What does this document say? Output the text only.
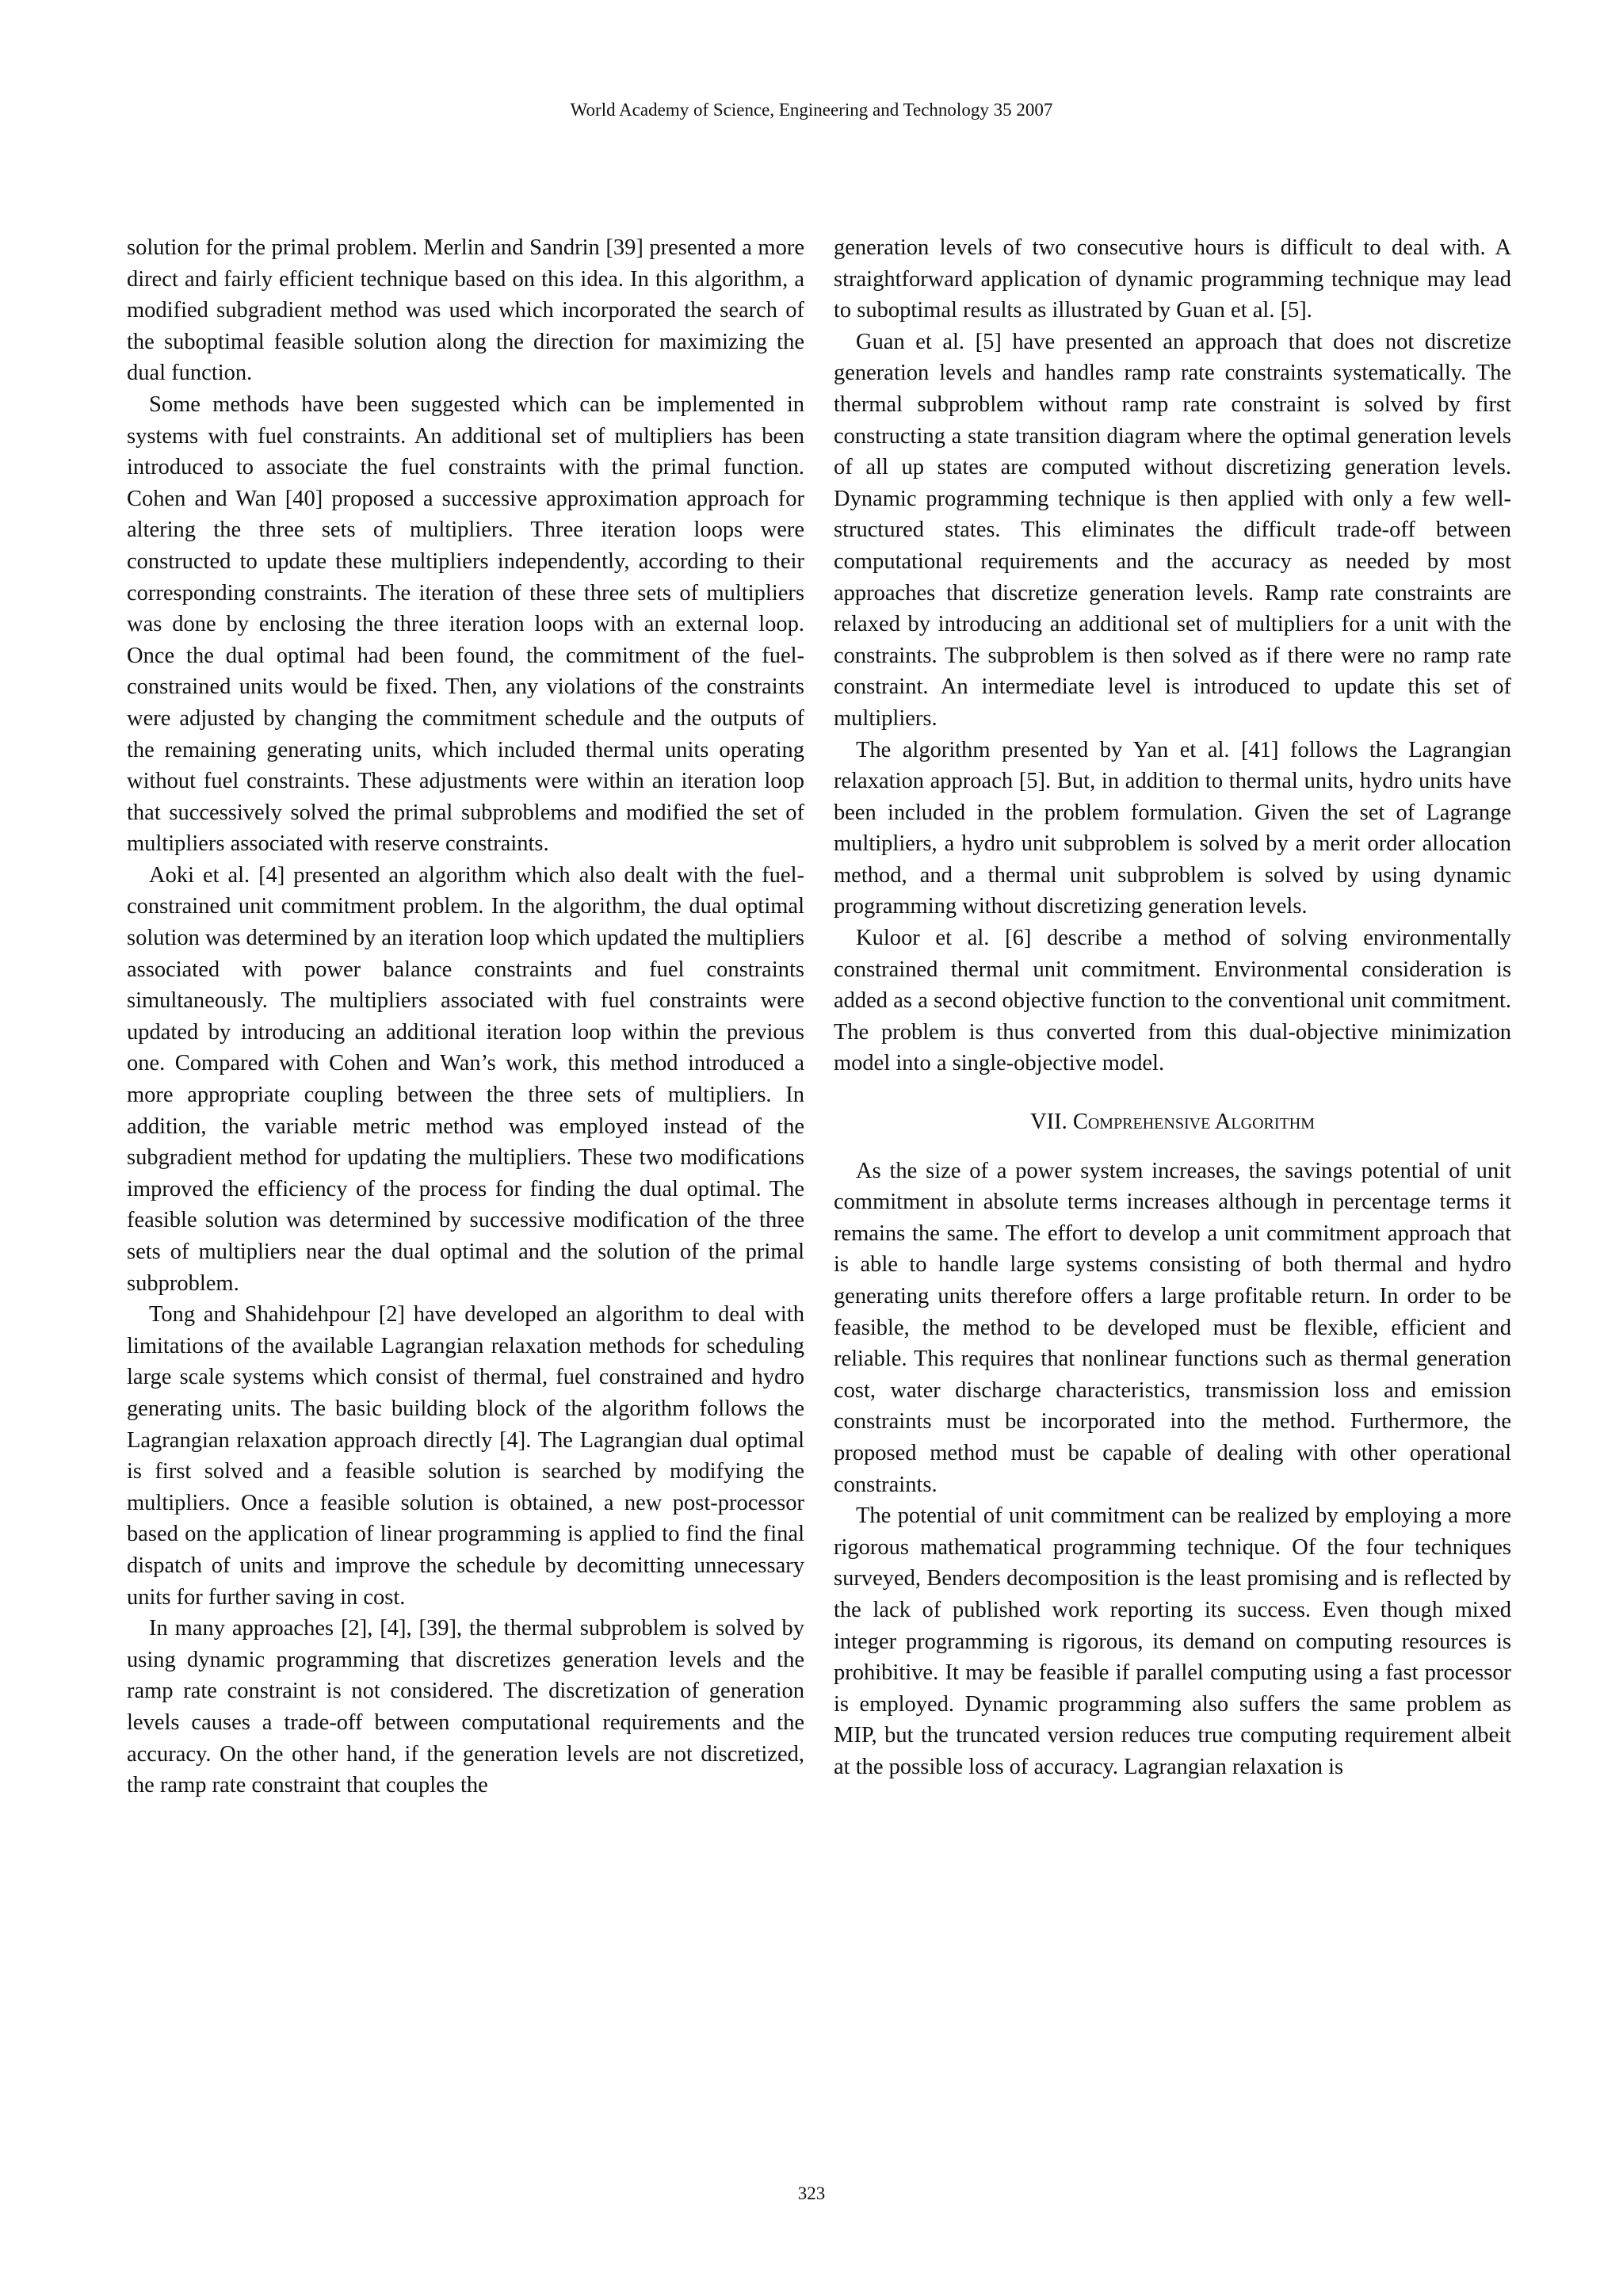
World Academy of Science, Engineering and Technology 35 2007

solution for the primal problem. Merlin and Sandrin [39] presented a more direct and fairly efficient technique based on this idea. In this algorithm, a modified subgradient method was used which incorporated the search of the suboptimal feasible solution along the direction for maximizing the dual function.

Some methods have been suggested which can be implemented in systems with fuel constraints. An additional set of multipliers has been introduced to associate the fuel constraints with the primal function. Cohen and Wan [40] proposed a successive approximation approach for altering the three sets of multipliers. Three iteration loops were constructed to update these multipliers independently, according to their corresponding constraints. The iteration of these three sets of multipliers was done by enclosing the three iteration loops with an external loop. Once the dual optimal had been found, the commitment of the fuel-constrained units would be fixed. Then, any violations of the constraints were adjusted by changing the commitment schedule and the outputs of the remaining generating units, which included thermal units operating without fuel constraints. These adjustments were within an iteration loop that successively solved the primal subproblems and modified the set of multipliers associated with reserve constraints.

Aoki et al. [4] presented an algorithm which also dealt with the fuel-constrained unit commitment problem. In the algorithm, the dual optimal solution was determined by an iteration loop which updated the multipliers associated with power balance constraints and fuel constraints simultaneously. The multipliers associated with fuel constraints were updated by introducing an additional iteration loop within the previous one. Compared with Cohen and Wan’s work, this method introduced a more appropriate coupling between the three sets of multipliers. In addition, the variable metric method was employed instead of the subgradient method for updating the multipliers. These two modifications improved the efficiency of the process for finding the dual optimal. The feasible solution was determined by successive modification of the three sets of multipliers near the dual optimal and the solution of the primal subproblem.

Tong and Shahidehpour [2] have developed an algorithm to deal with limitations of the available Lagrangian relaxation methods for scheduling large scale systems which consist of thermal, fuel constrained and hydro generating units. The basic building block of the algorithm follows the Lagrangian relaxation approach directly [4]. The Lagrangian dual optimal is first solved and a feasible solution is searched by modifying the multipliers. Once a feasible solution is obtained, a new post-processor based on the application of linear programming is applied to find the final dispatch of units and improve the schedule by decomitting unnecessary units for further saving in cost.

In many approaches [2], [4], [39], the thermal subproblem is solved by using dynamic programming that discretizes generation levels and the ramp rate constraint is not considered. The discretization of generation levels causes a trade-off between computational requirements and the accuracy. On the other hand, if the generation levels are not discretized, the ramp rate constraint that couples the

generation levels of two consecutive hours is difficult to deal with. A straightforward application of dynamic programming technique may lead to suboptimal results as illustrated by Guan et al. [5].

Guan et al. [5] have presented an approach that does not discretize generation levels and handles ramp rate constraints systematically. The thermal subproblem without ramp rate constraint is solved by first constructing a state transition diagram where the optimal generation levels of all up states are computed without discretizing generation levels. Dynamic programming technique is then applied with only a few well-structured states. This eliminates the difficult trade-off between computational requirements and the accuracy as needed by most approaches that discretize generation levels. Ramp rate constraints are relaxed by introducing an additional set of multipliers for a unit with the constraints. The subproblem is then solved as if there were no ramp rate constraint. An intermediate level is introduced to update this set of multipliers.

The algorithm presented by Yan et al. [41] follows the Lagrangian relaxation approach [5]. But, in addition to thermal units, hydro units have been included in the problem formulation. Given the set of Lagrange multipliers, a hydro unit subproblem is solved by a merit order allocation method, and a thermal unit subproblem is solved by using dynamic programming without discretizing generation levels.

Kuloor et al. [6] describe a method of solving environmentally constrained thermal unit commitment. Environmental consideration is added as a second objective function to the conventional unit commitment. The problem is thus converted from this dual-objective minimization model into a single-objective model.

VII. Comprehensive Algorithm

As the size of a power system increases, the savings potential of unit commitment in absolute terms increases although in percentage terms it remains the same. The effort to develop a unit commitment approach that is able to handle large systems consisting of both thermal and hydro generating units therefore offers a large profitable return. In order to be feasible, the method to be developed must be flexible, efficient and reliable. This requires that nonlinear functions such as thermal generation cost, water discharge characteristics, transmission loss and emission constraints must be incorporated into the method. Furthermore, the proposed method must be capable of dealing with other operational constraints.

The potential of unit commitment can be realized by employing a more rigorous mathematical programming technique. Of the four techniques surveyed, Benders decomposition is the least promising and is reflected by the lack of published work reporting its success. Even though mixed integer programming is rigorous, its demand on computing resources is prohibitive. It may be feasible if parallel computing using a fast processor is employed. Dynamic programming also suffers the same problem as MIP, but the truncated version reduces true computing requirement albeit at the possible loss of accuracy. Lagrangian relaxation is

323
